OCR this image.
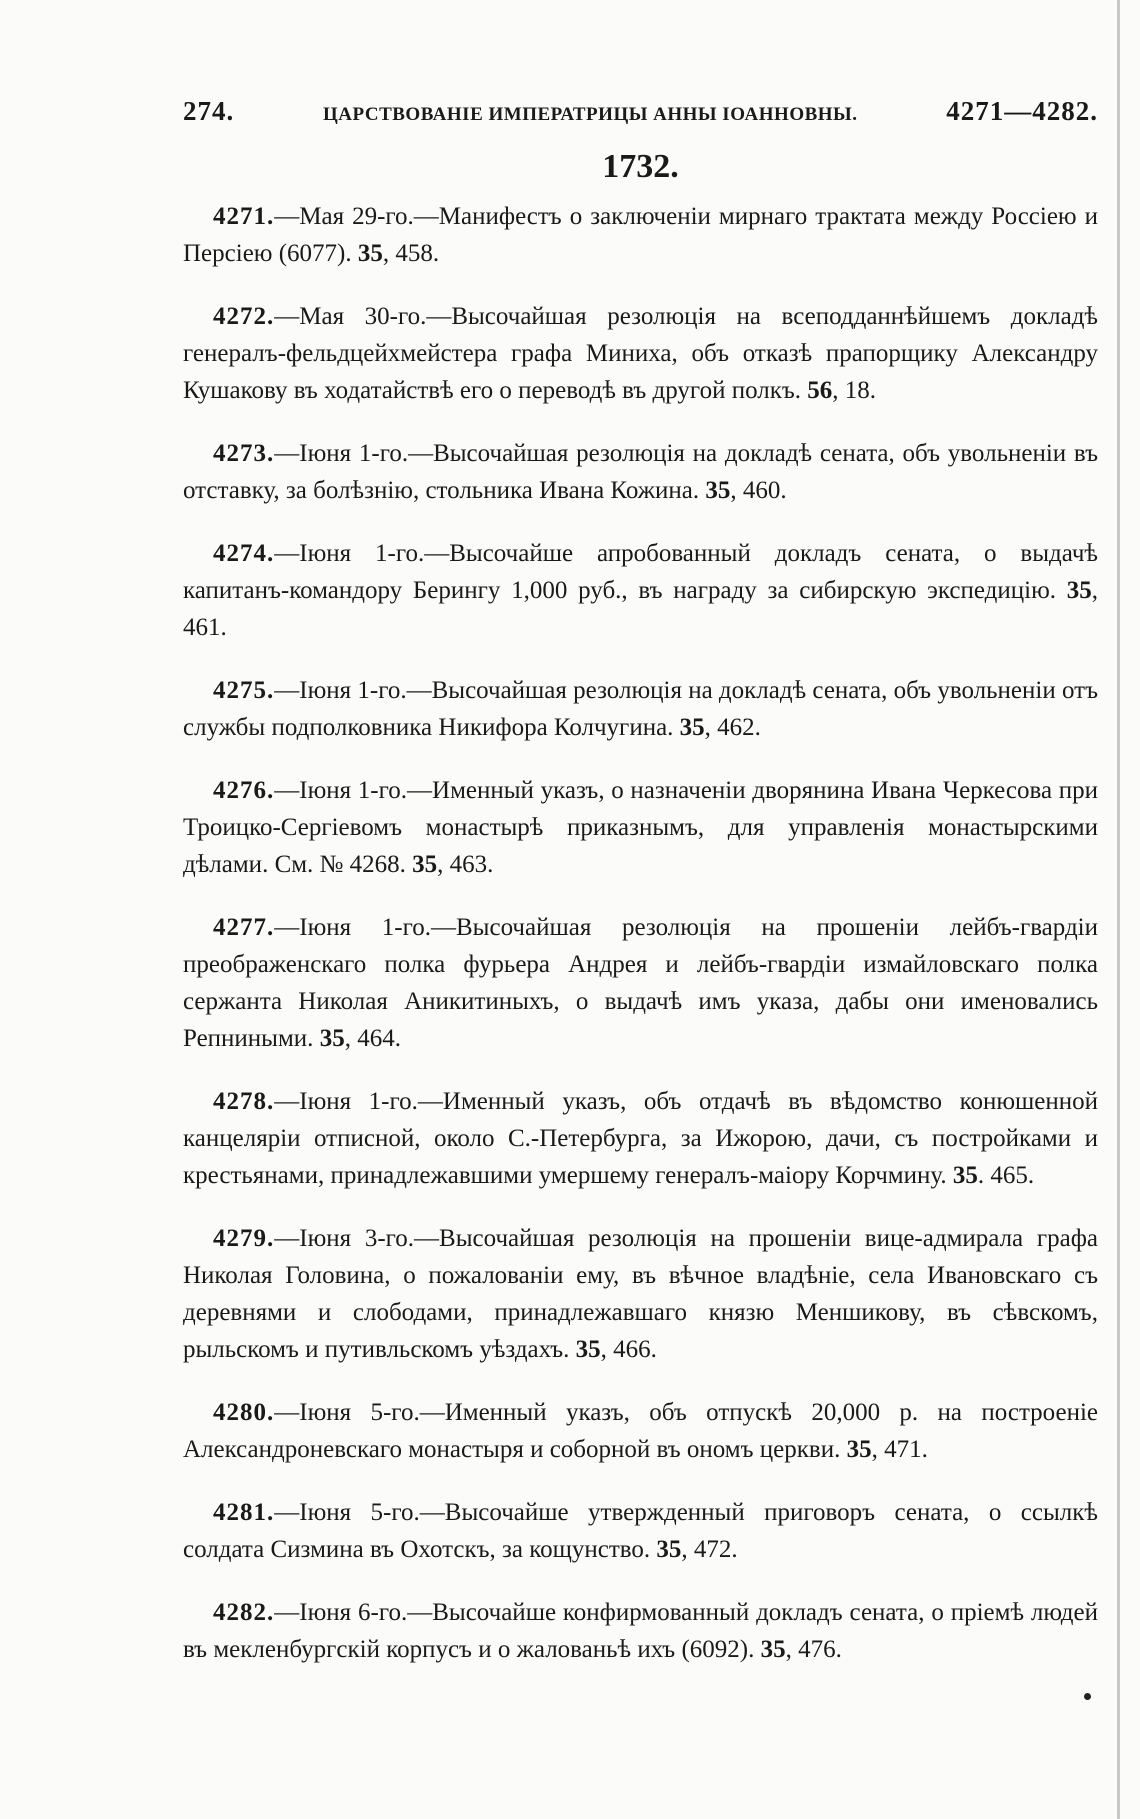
274.	ЦАРСТВОВАНІЕ ИМПЕРАТРИЦЫ АННЫ ІОАННОВНЫ.	4271—4282.
1732.

4271.—Мая 29-го.—Манифестъ о заключеніи мирнаго трактата между Россіею и Персіею (6077). 35, 458.

4272.—Мая 30-го.—Высочайшая резолюція на всеподданнѣйшемъ докладѣ генералъ-фельдцейхмейстера графа Миниха, объ отказѣ прапорщику Александру Кушакову въ ходатайствѣ его о переводѣ въ другой полкъ. 56, 18.

4273.—Іюня 1-го.—Высочайшая резолюція на докладѣ сената, объ увольненіи въ отставку, за болѣзнію, стольника Ивана Кожина. 35, 460.

4274.—Іюня 1-го.—Высочайше апробованный докладъ сената, о выдачѣ капитанъ-командору Берингу 1,000 руб., въ награду за сибирскую экспедицію. 35, 461.

4275.—Іюня 1-го.—Высочайшая резолюція на докладѣ сената, объ увольненіи отъ службы подполковника Никифора Колчугина. 35, 462.

4276.—Іюня 1-го.—Именный указъ, о назначеніи дворянина Ивана Черкесова при Троицко-Сергіевомъ монастырѣ приказнымъ, для управленія монастырскими дѣлами. См. № 4268. 35, 463.

4277.—Іюня 1-го.—Высочайшая резолюція на прошеніи лейбъ-гвардіи преображенскаго полка фурьера Андрея и лейбъ-гвардіи измайловскаго полка сержанта Николая Аникитиныхъ, о выдачѣ имъ указа, дабы они именовались Репниными. 35, 464.

4278.—Іюня 1-го.—Именный указъ, объ отдачѣ въ вѣдомство конюшенной канцеляріи отписной, около С.-Петербурга, за Ижорою, дачи, съ постройками и крестьянами, принадлежавшими умершему генералъ-маіору Корчмину. 35. 465.

4279.—Іюня 3-го.—Высочайшая резолюція на прошеніи вице-адмирала графа Николая Головина, о пожалованіи ему, въ вѣчное владѣніе, села Ивановскаго съ деревнями и слободами, принадлежавшаго князю Меншикову, въ сѣвскомъ, рыльскомъ и путивльскомъ уѣздахъ. 35, 466.

4280.—Іюня 5-го.—Именный указъ, объ отпускѣ 20,000 р. на построеніе Александроневскаго монастыря и соборной въ ономъ церкви. 35, 471.

4281.—Іюня 5-го.—Высочайше утвержденный приговоръ сената, о ссылкѣ солдата Сизмина въ Охотскъ, за кощунство. 35, 472.

4282.—Іюня 6-го.—Высочайше конфирмованный докладъ сената, о пріемѣ людей въ мекленбургскій корпусъ и о жалованьѣ ихъ (6092). 35, 476.
